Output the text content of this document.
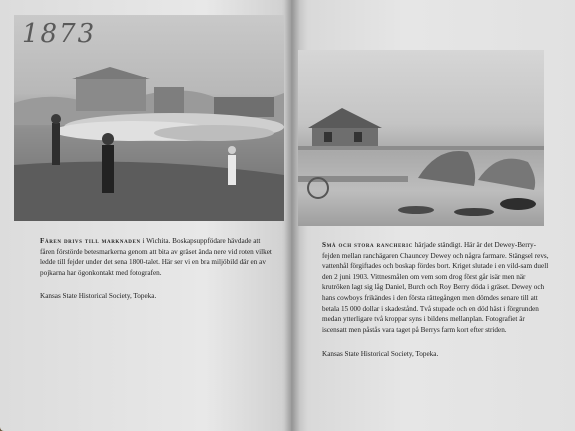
1873
Fåren drivs till marknaden i Wichita. Boskapsuppfödare hävdade att fåren förstörde betesmarkerna genom att bita av gräset ända nere vid roten vilket ledde till fejder under det sena 1800-talet. Här ser vi en bra miljöbild där en av pojkarna har ögonkontakt med fotografen.
Kansas State Historical Society, Topeka.
Små och stora rancheric härjade ständigt. Här är det Dewey-Berry-fejden mellan ranchägaren Chauncey Dewey och några farmare. Stängsel revs, vattenhål förgiftades och boskap fördes bort. Kriget slutade i en vild-sam duell den 2 juni 1903. Vittnesmålen om vem som drog först går isär men när krutröken lagt sig låg Daniel, Burch och Roy Berry döda i gräset. Dewey och hans cowboys frikändes i den första rättegången men dömdes senare till att betala 15 000 dollar i skadestånd. Två stupade och en död häst i förgrunden medan ytterligare två kroppar syns i bildens mellanplan. Fotografiet är iscensatt men påstås vara taget på Berrys farm kort efter striden.
Kansas State Historical Society, Topeka.
